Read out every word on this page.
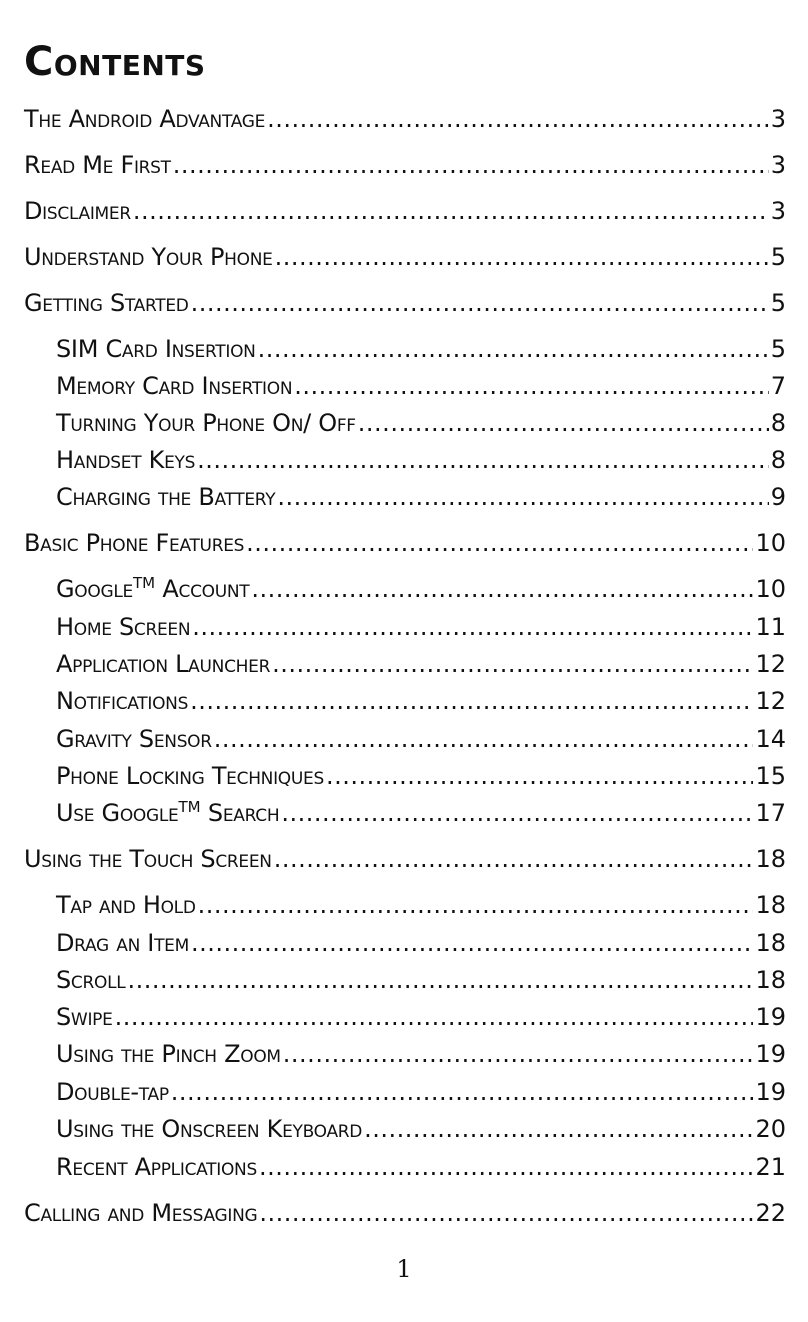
Contents
The Android Advantage .....	3
Read Me First .....	3
Disclaimer .....	3
Understand Your Phone .....	5
Getting Started .....	5
SIM Card Insertion .....	5
Memory Card Insertion .....	7
Turning Your Phone On/ Off .....	8
Handset Keys .....	8
Charging the Battery .....	9
Basic Phone Features .....	10
Google™ Account .....	10
Home Screen .....	11
Application Launcher .....	12
Notifications .....	12
Gravity Sensor .....	14
Phone Locking Techniques .....	15
Use Google™ Search .....	17
Using the Touch Screen .....	18
Tap and Hold .....	18
Drag an Item .....	18
Scroll .....	18
Swipe .....	19
Using the Pinch Zoom .....	19
Double-tap .....	19
Using the Onscreen Keyboard .....	20
Recent Applications .....	21
Calling and Messaging .....	22
1
